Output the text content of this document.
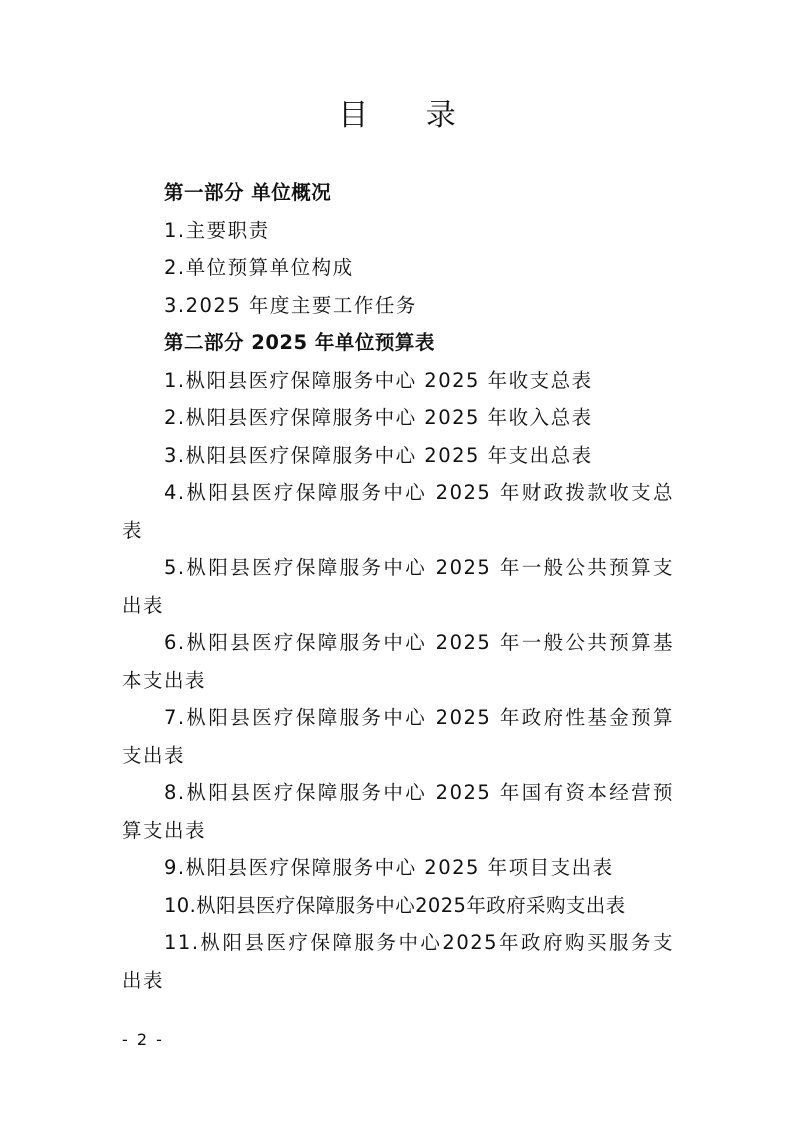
目 录
第一部分 单位概况
1.主要职责
2.单位预算单位构成
3.2025 年度主要工作任务
第二部分 2025 年单位预算表
1.枞阳县医疗保障服务中心 2025 年收支总表
2.枞阳县医疗保障服务中心 2025 年收入总表
3.枞阳县医疗保障服务中心 2025 年支出总表
4.枞阳县医疗保障服务中心 2025 年财政拨款收支总表
5.枞阳县医疗保障服务中心 2025 年一般公共预算支出表
6.枞阳县医疗保障服务中心 2025 年一般公共预算基本支出表
7.枞阳县医疗保障服务中心 2025 年政府性基金预算支出表
8.枞阳县医疗保障服务中心 2025 年国有资本经营预算支出表
9.枞阳县医疗保障服务中心 2025 年项目支出表
10.枞阳县医疗保障服务中心2025年政府采购支出表
11.枞阳县医疗保障服务中心2025年政府购买服务支出表
- 2 -
